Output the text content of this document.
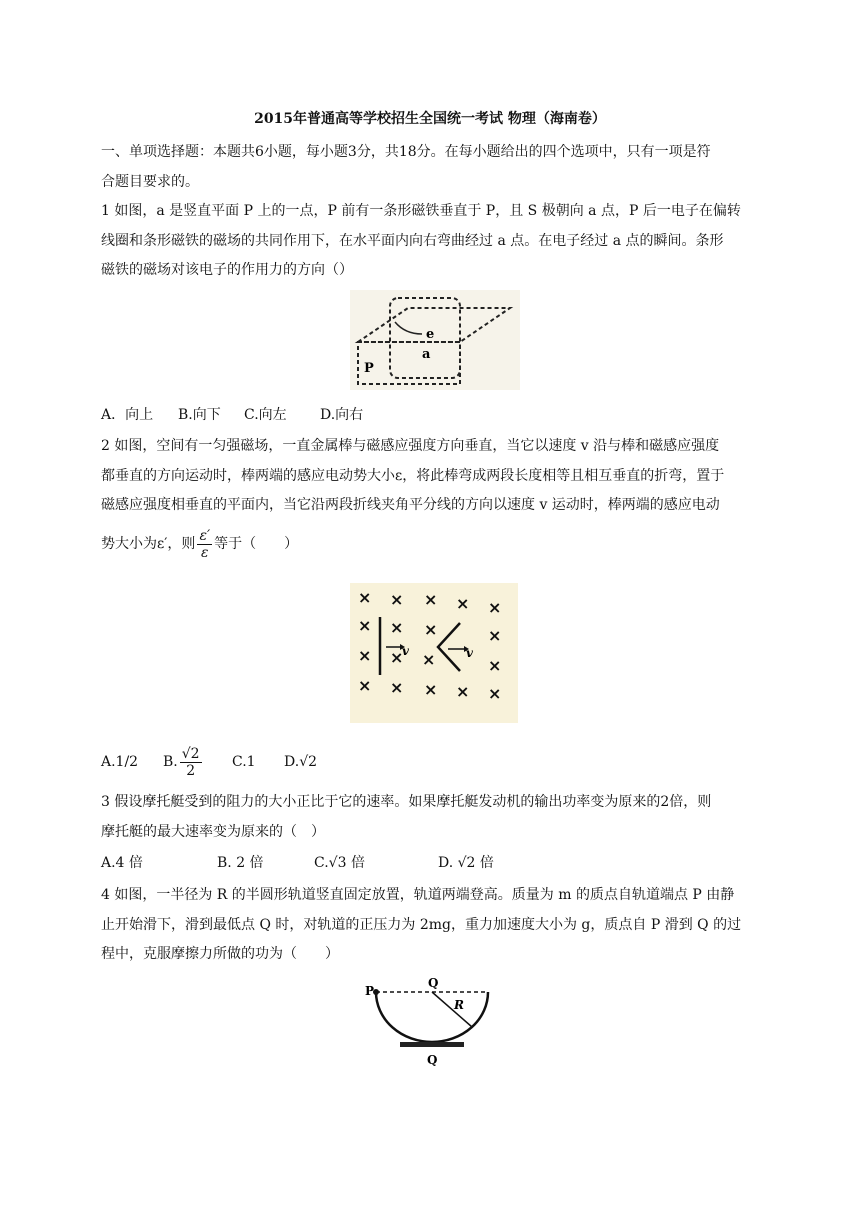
2015年普通高等学校招生全国统一考试 物理（海南卷）
一、单项选择题：本题共6小题，每小题3分，共18分。在每小题给出的四个选项中，只有一项是符
合题目要求的。
1 如图，a 是竖直平面 P 上的一点，P 前有一条形磁铁垂直于 P，且 S 极朝向 a 点，P 后一电子在偏转
线圈和条形磁铁的磁场的共同作用下，在水平面内向右弯曲经过 a 点。在电子经过 a 点的瞬间。条形
磁铁的磁场对该电子的作用力的方向（）
e
a
P
A．向上 B.向下 C.向左 D.向右
2 如图，空间有一匀强磁场，一直金属棒与磁感应强度方向垂直，当它以速度 v 沿与棒和磁感应强度
都垂直的方向运动时，棒两端的感应电动势大小ε，将此棒弯成两段长度相等且相互垂直的折弯，置于
磁感应强度相垂直的平面内，当它沿两段折线夹角平分线的方向以速度 v 运动时，棒两端的感应电动
势大小为ε′，则 $\frac{\varepsilon'}{\varepsilon}$ 等于（　　）
× × × × ×
× × ×	×
× × ×	×
× × × × ×
v	v
A.1/2 B. $\frac{√2}{2} C.1$ D.√2
3 假设摩托艇受到的阻力的大小正比于它的速率。如果摩托艇发动机的输出功率变为原来的2倍，则
摩托艇的最大速率变为原来的（　）
A.4 倍	B. 2 倍	C.√3 倍	D. √2 倍
4 如图，一半径为 R 的半圆形轨道竖直固定放置，轨道两端登高。质量为 m 的质点自轨道端点 P 由静
止开始滑下，滑到最低点 Q 时，对轨道的正压力为 2mg，重力加速度大小为 g，质点自 P 滑到 Q 的过
程中，克服摩擦力所做的功为（　　）
P
Q
R
Q
